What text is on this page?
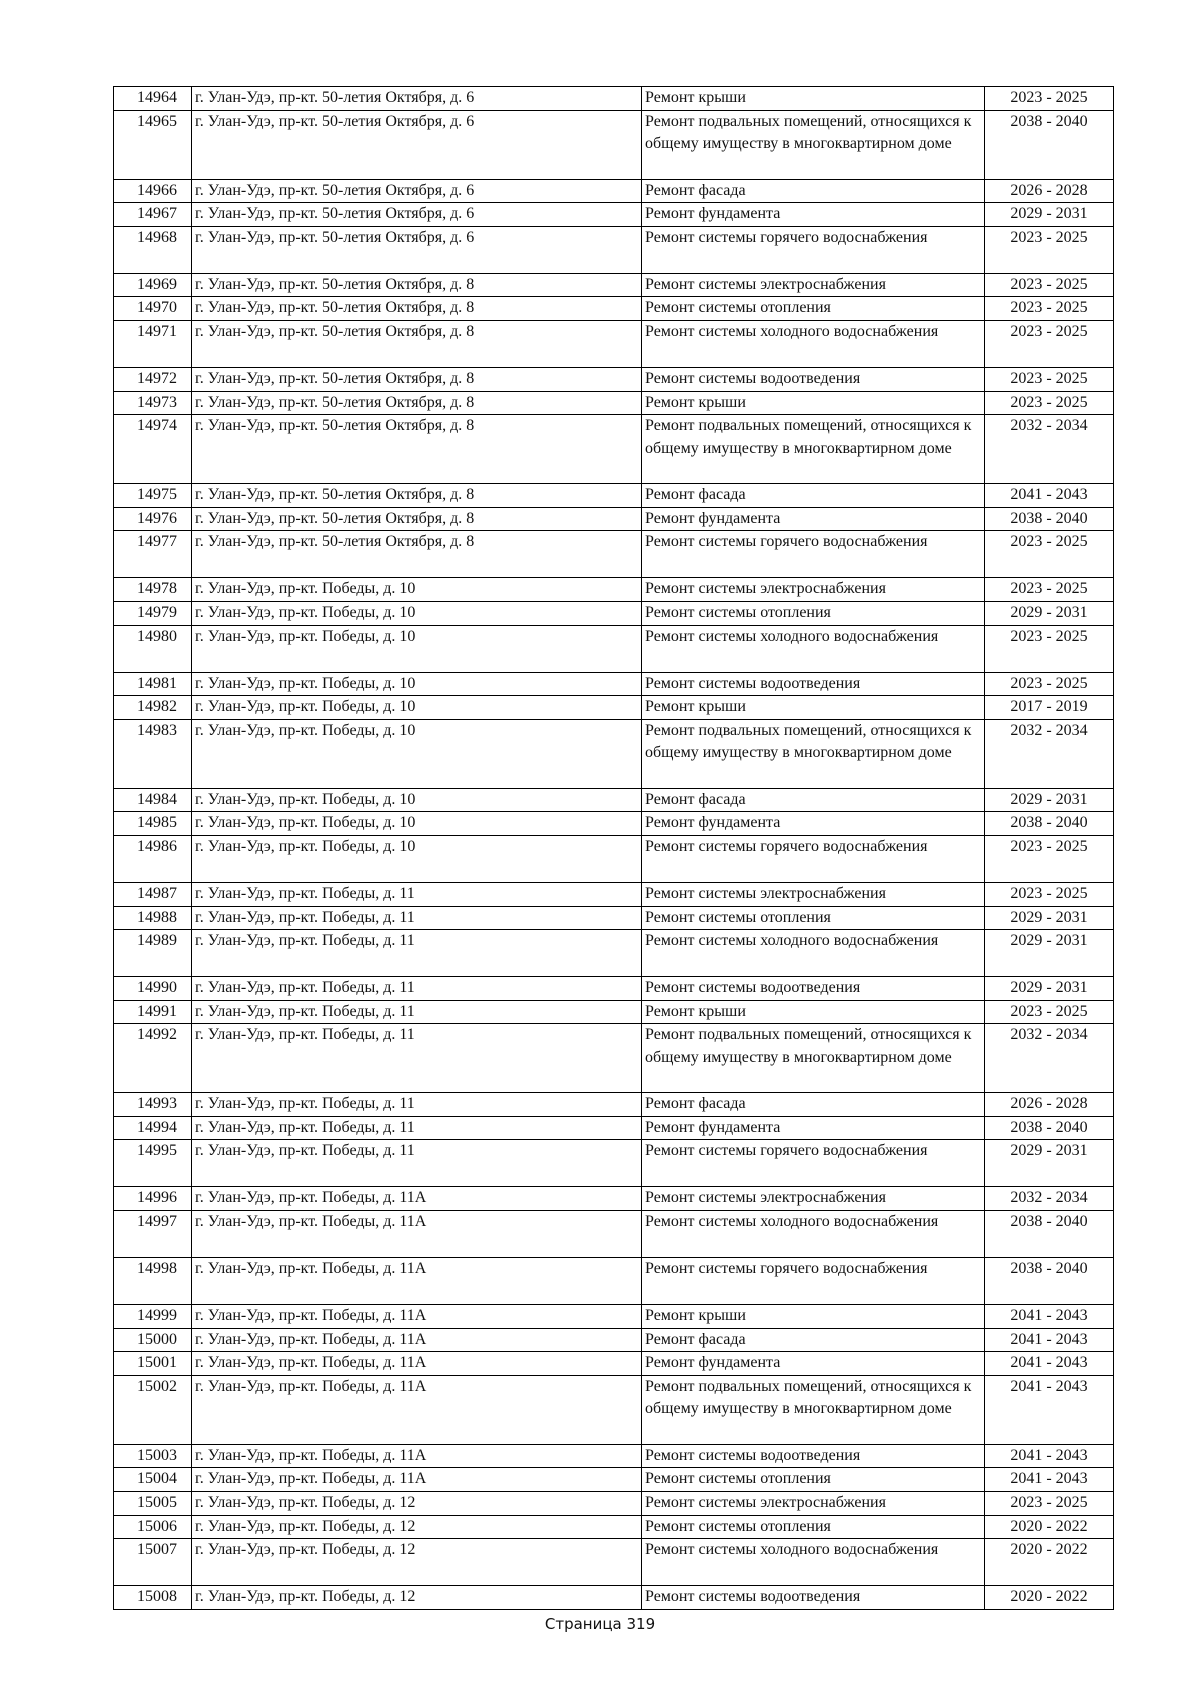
14964	г. Улан-Удэ, пр-кт. 50-летия Октября, д. 6	Ремонт крыши	2023 - 2025
14965	г. Улан-Удэ, пр-кт. 50-летия Октября, д. 6	Ремонт подвальных помещений, относящихся к общему имуществу в многоквартирном доме	2038 - 2040
14966	г. Улан-Удэ, пр-кт. 50-летия Октября, д. 6	Ремонт фасада	2026 - 2028
14967	г. Улан-Удэ, пр-кт. 50-летия Октября, д. 6	Ремонт фундамента	2029 - 2031
14968	г. Улан-Удэ, пр-кт. 50-летия Октября, д. 6	Ремонт системы горячего водоснабжения	2023 - 2025
14969	г. Улан-Удэ, пр-кт. 50-летия Октября, д. 8	Ремонт системы электроснабжения	2023 - 2025
14970	г. Улан-Удэ, пр-кт. 50-летия Октября, д. 8	Ремонт системы отопления	2023 - 2025
14971	г. Улан-Удэ, пр-кт. 50-летия Октября, д. 8	Ремонт системы холодного водоснабжения	2023 - 2025
14972	г. Улан-Удэ, пр-кт. 50-летия Октября, д. 8	Ремонт системы водоотведения	2023 - 2025
14973	г. Улан-Удэ, пр-кт. 50-летия Октября, д. 8	Ремонт крыши	2023 - 2025
14974	г. Улан-Удэ, пр-кт. 50-летия Октября, д. 8	Ремонт подвальных помещений, относящихся к общему имуществу в многоквартирном доме	2032 - 2034
14975	г. Улан-Удэ, пр-кт. 50-летия Октября, д. 8	Ремонт фасада	2041 - 2043
14976	г. Улан-Удэ, пр-кт. 50-летия Октября, д. 8	Ремонт фундамента	2038 - 2040
14977	г. Улан-Удэ, пр-кт. 50-летия Октября, д. 8	Ремонт системы горячего водоснабжения	2023 - 2025
14978	г. Улан-Удэ, пр-кт. Победы, д. 10	Ремонт системы электроснабжения	2023 - 2025
14979	г. Улан-Удэ, пр-кт. Победы, д. 10	Ремонт системы отопления	2029 - 2031
14980	г. Улан-Удэ, пр-кт. Победы, д. 10	Ремонт системы холодного водоснабжения	2023 - 2025
14981	г. Улан-Удэ, пр-кт. Победы, д. 10	Ремонт системы водоотведения	2023 - 2025
14982	г. Улан-Удэ, пр-кт. Победы, д. 10	Ремонт крыши	2017 - 2019
14983	г. Улан-Удэ, пр-кт. Победы, д. 10	Ремонт подвальных помещений, относящихся к общему имуществу в многоквартирном доме	2032 - 2034
14984	г. Улан-Удэ, пр-кт. Победы, д. 10	Ремонт фасада	2029 - 2031
14985	г. Улан-Удэ, пр-кт. Победы, д. 10	Ремонт фундамента	2038 - 2040
14986	г. Улан-Удэ, пр-кт. Победы, д. 10	Ремонт системы горячего водоснабжения	2023 - 2025
14987	г. Улан-Удэ, пр-кт. Победы, д. 11	Ремонт системы электроснабжения	2023 - 2025
14988	г. Улан-Удэ, пр-кт. Победы, д. 11	Ремонт системы отопления	2029 - 2031
14989	г. Улан-Удэ, пр-кт. Победы, д. 11	Ремонт системы холодного водоснабжения	2029 - 2031
14990	г. Улан-Удэ, пр-кт. Победы, д. 11	Ремонт системы водоотведения	2029 - 2031
14991	г. Улан-Удэ, пр-кт. Победы, д. 11	Ремонт крыши	2023 - 2025
14992	г. Улан-Удэ, пр-кт. Победы, д. 11	Ремонт подвальных помещений, относящихся к общему имуществу в многоквартирном доме	2032 - 2034
14993	г. Улан-Удэ, пр-кт. Победы, д. 11	Ремонт фасада	2026 - 2028
14994	г. Улан-Удэ, пр-кт. Победы, д. 11	Ремонт фундамента	2038 - 2040
14995	г. Улан-Удэ, пр-кт. Победы, д. 11	Ремонт системы горячего водоснабжения	2029 - 2031
14996	г. Улан-Удэ, пр-кт. Победы, д. 11А	Ремонт системы электроснабжения	2032 - 2034
14997	г. Улан-Удэ, пр-кт. Победы, д. 11А	Ремонт системы холодного водоснабжения	2038 - 2040
14998	г. Улан-Удэ, пр-кт. Победы, д. 11А	Ремонт системы горячего водоснабжения	2038 - 2040
14999	г. Улан-Удэ, пр-кт. Победы, д. 11А	Ремонт крыши	2041 - 2043
15000	г. Улан-Удэ, пр-кт. Победы, д. 11А	Ремонт фасада	2041 - 2043
15001	г. Улан-Удэ, пр-кт. Победы, д. 11А	Ремонт фундамента	2041 - 2043
15002	г. Улан-Удэ, пр-кт. Победы, д. 11А	Ремонт подвальных помещений, относящихся к общему имуществу в многоквартирном доме	2041 - 2043
15003	г. Улан-Удэ, пр-кт. Победы, д. 11А	Ремонт системы водоотведения	2041 - 2043
15004	г. Улан-Удэ, пр-кт. Победы, д. 11А	Ремонт системы отопления	2041 - 2043
15005	г. Улан-Удэ, пр-кт. Победы, д. 12	Ремонт системы электроснабжения	2023 - 2025
15006	г. Улан-Удэ, пр-кт. Победы, д. 12	Ремонт системы отопления	2020 - 2022
15007	г. Улан-Удэ, пр-кт. Победы, д. 12	Ремонт системы холодного водоснабжения	2020 - 2022
15008	г. Улан-Удэ, пр-кт. Победы, д. 12	Ремонт системы водоотведения	2020 - 2022
Страница 319
